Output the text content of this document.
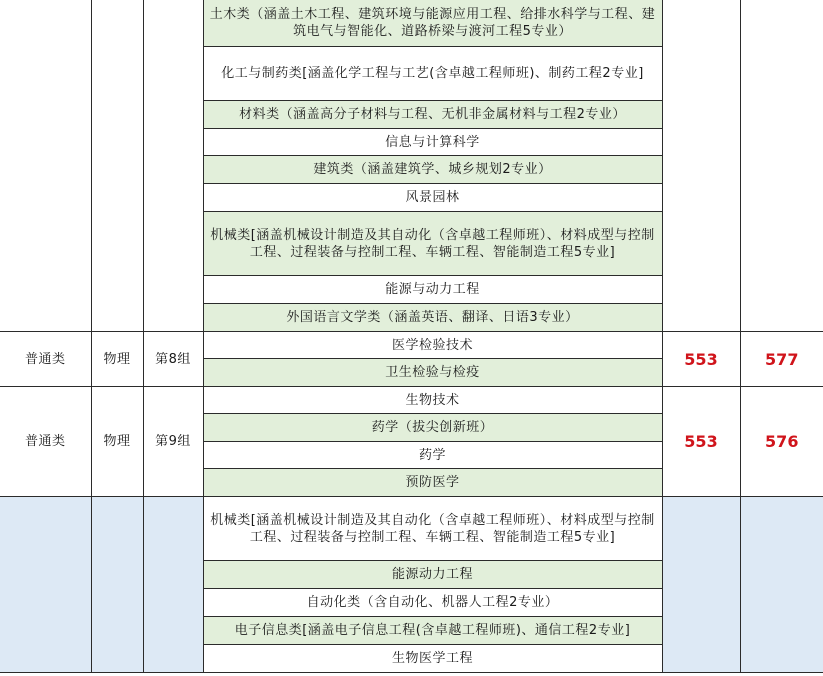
			土木类（涵盖土木工程、建筑环境与能源应用工程、给排水科学与工程、建筑电气与智能化、道路桥梁与渡河工程5专业）		
			化工与制药类[涵盖化学工程与工艺(含卓越工程师班)、制药工程2专业]		
			材料类（涵盖高分子材料与工程、无机非金属材料与工程2专业）		
			信息与计算科学		
			建筑类（涵盖建筑学、城乡规划2专业）		
			风景园林		
			机械类[涵盖机械设计制造及其自动化（含卓越工程师班）、材料成型与控制工程、过程装备与控制工程、车辆工程、智能制造工程5专业]		
			能源与动力工程		
			外国语言文学类（涵盖英语、翻译、日语3专业）		
普通类	物理	第8组	医学检验技术	553	577
			卫生检验与检疫		
普通类	物理	第9组	生物技术	553	576
			药学（拔尖创新班）		
			药学		
			预防医学		
			机械类[涵盖机械设计制造及其自动化（含卓越工程师班）、材料成型与控制工程、过程装备与控制工程、车辆工程、智能制造工程5专业]		
			能源动力工程		
			自动化类（含自动化、机器人工程2专业）		
			电子信息类[涵盖电子信息工程(含卓越工程师班)、通信工程2专业]		
			生物医学工程		
